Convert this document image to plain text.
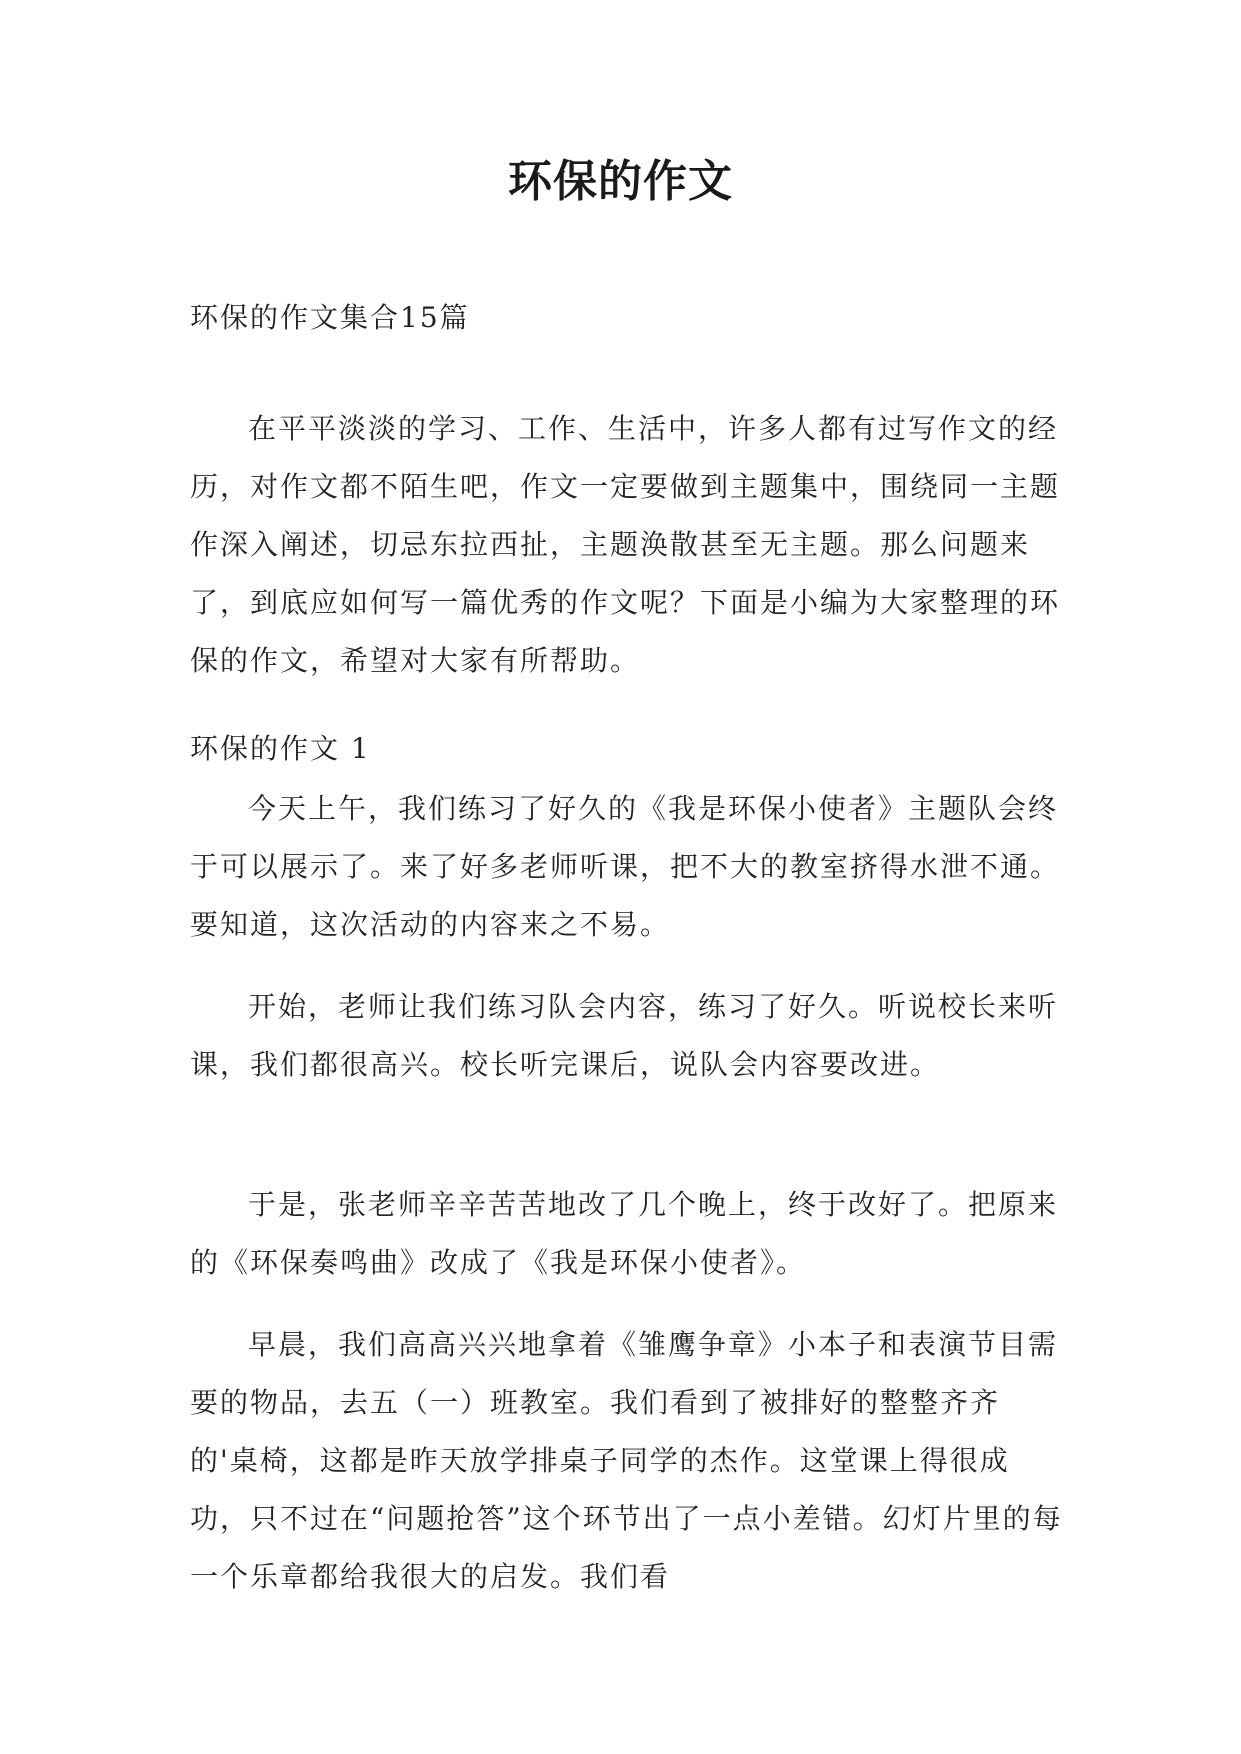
环保的作文

环保的作文集合15篇

在平平淡淡的学习、工作、生活中，许多人都有过写作文的经历，对作文都不陌生吧，作文一定要做到主题集中，围绕同一主题作深入阐述，切忌东拉西扯，主题涣散甚至无主题。那么问题来了，到底应如何写一篇优秀的作文呢？下面是小编为大家整理的环保的作文，希望对大家有所帮助。

环保的作文 1

今天上午，我们练习了好久的《我是环保小使者》主题队会终于可以展示了。来了好多老师听课，把不大的教室挤得水泄不通。要知道，这次活动的内容来之不易。

开始，老师让我们练习队会内容，练习了好久。听说校长来听课，我们都很高兴。校长听完课后，说队会内容要改进。

于是，张老师辛辛苦苦地改了几个晚上，终于改好了。把原来的《环保奏鸣曲》改成了《我是环保小使者》。

早晨，我们高高兴兴地拿着《雏鹰争章》小本子和表演节目需要的物品，去五（一）班教室。我们看到了被排好的整整齐齐的'桌椅，这都是昨天放学排桌子同学的杰作。这堂课上得很成功，只不过在“问题抢答”这个环节出了一点小差错。幻灯片里的每一个乐章都给我很大的启发。我们看
